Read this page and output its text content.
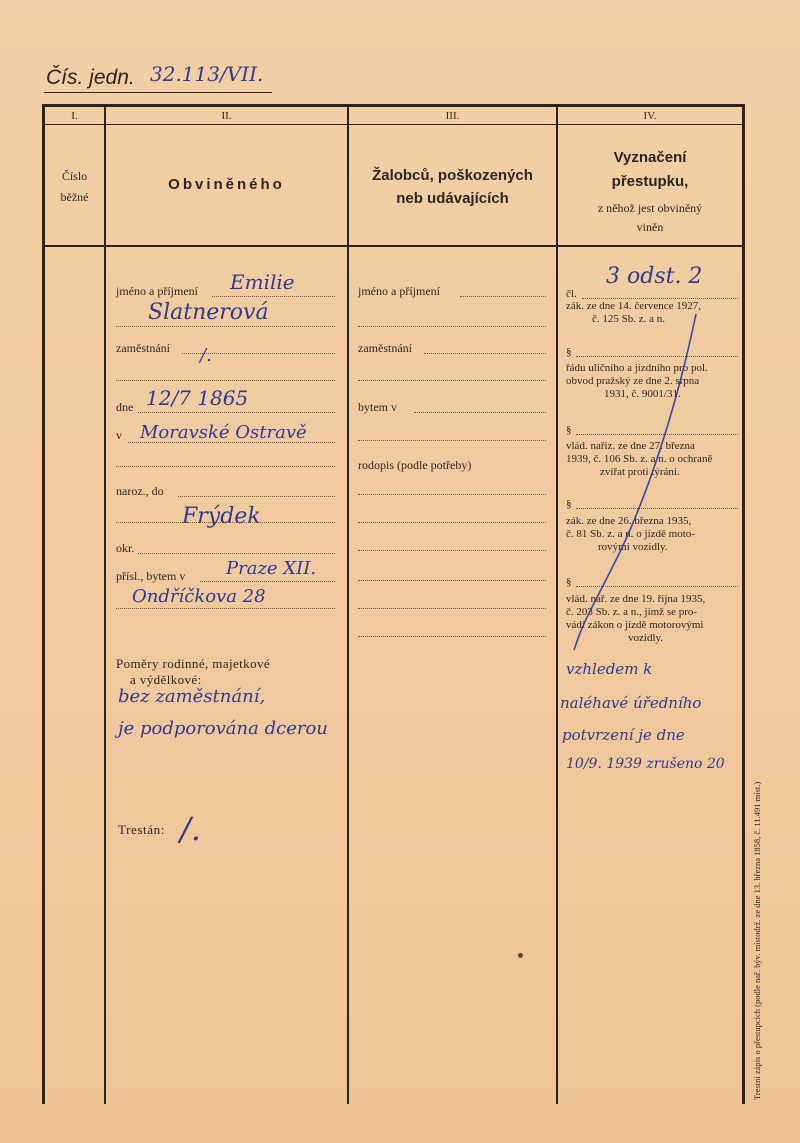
Čís. jedn. 32.113/VII.
I.	II.	III.	IV.
Číslo
běžné
Obviněného
Žalobců, poškozených
neb udávajících
Vyznačení
přestupku,
z něhož jest obviněný
viněn
jméno a příjmení Emilie
Slatnerová
zaměstnání /.
dne 12/7 1865
v Moravské Ostravě
naroz., do
Frýdek
okr.
přísl., bytem v Praze XII.
Ondříčkova 28
Poměry rodinné, majetkové
a výdělkové:
bez zaměstnání,
je podporována dcerou
Trestán: /.
jméno a příjmení
zaměstnání
bytem v
rodopis (podle potřeby)
čl.
3 odst. 2
zák. ze dne 14. července 1927,
č. 125 Sb. z. a n.
§
řádu uličního a jízdního pro pol.
obvod pražský ze dne 2. srpna
1931, č. 9001/31.
§
vlád. nařiz. ze dne 27. března
1939, č. 106 Sb. z. a n. o ochraně
zvířat proti týrání.
§
zák. ze dne 26. března 1935,
č. 81 Sb. z. a n. o jízdě moto-
rovými vozidly.
§
vlád. nař. ze dne 19. října 1935,
č. 203 Sb. z. a n., jímž se pro-
vádí zákon o jízdě motorovými
vozidly.
vzhledem k
naléhavé úředního
potvrzení je dne
10/9. 1939 zrušeno 20
Trestní zápis o přestupcích (podle nař. býv. místodrž. ze dne 13. března 1858, č. 11.491 míst.)
